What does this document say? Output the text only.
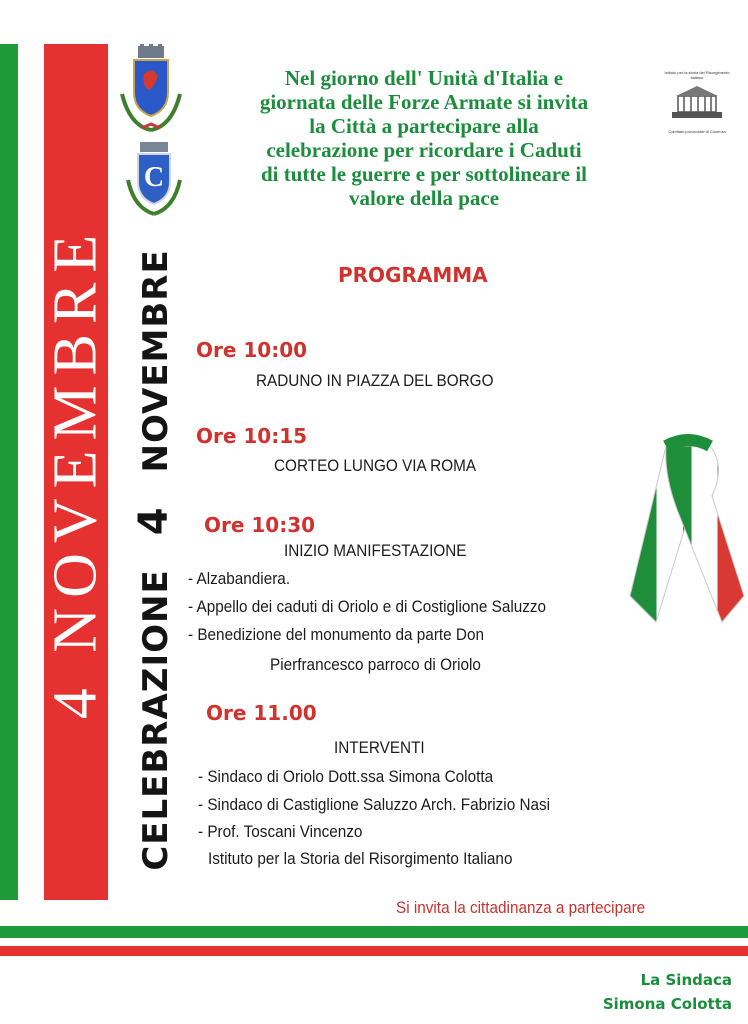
4 NOVEMBRE
CELEBRAZIONE4NOVEMBRE
C
Istituto per la storia del Risorgimento italiano
Comitato provinciale di Cosenza
Nel giorno dell' Unità d'Italia e
giornata delle Forze Armate si invita
la Città a partecipare alla
celebrazione per ricordare i Caduti
di tutte le guerre e per sottolineare il
valore della pace
PROGRAMMA
Ore 10:00
RADUNO IN PIAZZA DEL BORGO
Ore 10:15
CORTEO LUNGO VIA ROMA
Ore 10:30
INIZIO MANIFESTAZIONE
- Alzabandiera.
- Appello dei caduti di Oriolo e di Costiglione Saluzzo
- Benedizione del monumento da parte Don
Pierfrancesco parroco di Oriolo
Ore 11.00
INTERVENTI
- Sindaco di Oriolo Dott.ssa Simona Colotta
- Sindaco di Castiglione Saluzzo Arch. Fabrizio Nasi
- Prof. Toscani Vincenzo
Istituto per la Storia del Risorgimento Italiano
Si invita la cittadinanza a partecipare
La Sindaca
Simona Colotta
